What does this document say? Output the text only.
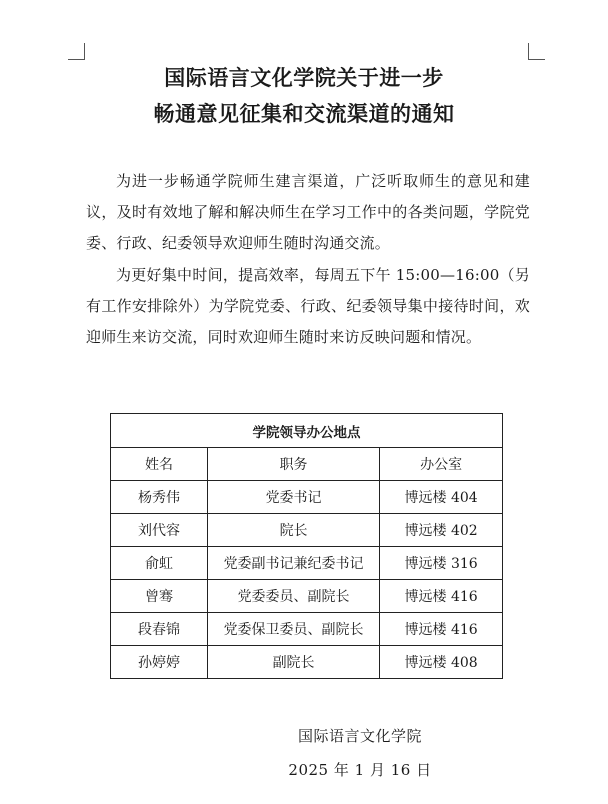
国际语言文化学院关于进一步
畅通意见征集和交流渠道的通知

为进一步畅通学院师生建言渠道，广泛听取师生的意见和建议，及时有效地了解和解决师生在学习工作中的各类问题，学院党委、行政、纪委领导欢迎师生随时沟通交流。

为更好集中时间，提高效率，每周五下午 15:00—16:00（另有工作安排除外）为学院党委、行政、纪委领导集中接待时间，欢迎师生来访交流，同时欢迎师生随时来访反映问题和情况。

学院领导办公地点		
姓名	职务	办公室
杨秀伟	党委书记	博远楼 404
刘代容	院长	博远楼 402
俞虹	党委副书记兼纪委书记	博远楼 316
曾骞	党委委员、副院长	博远楼 416
段春锦	党委保卫委员、副院长	博远楼 416
孙婷婷	副院长	博远楼 408
国际语言文化学院
2025 年 1 月 16 日
